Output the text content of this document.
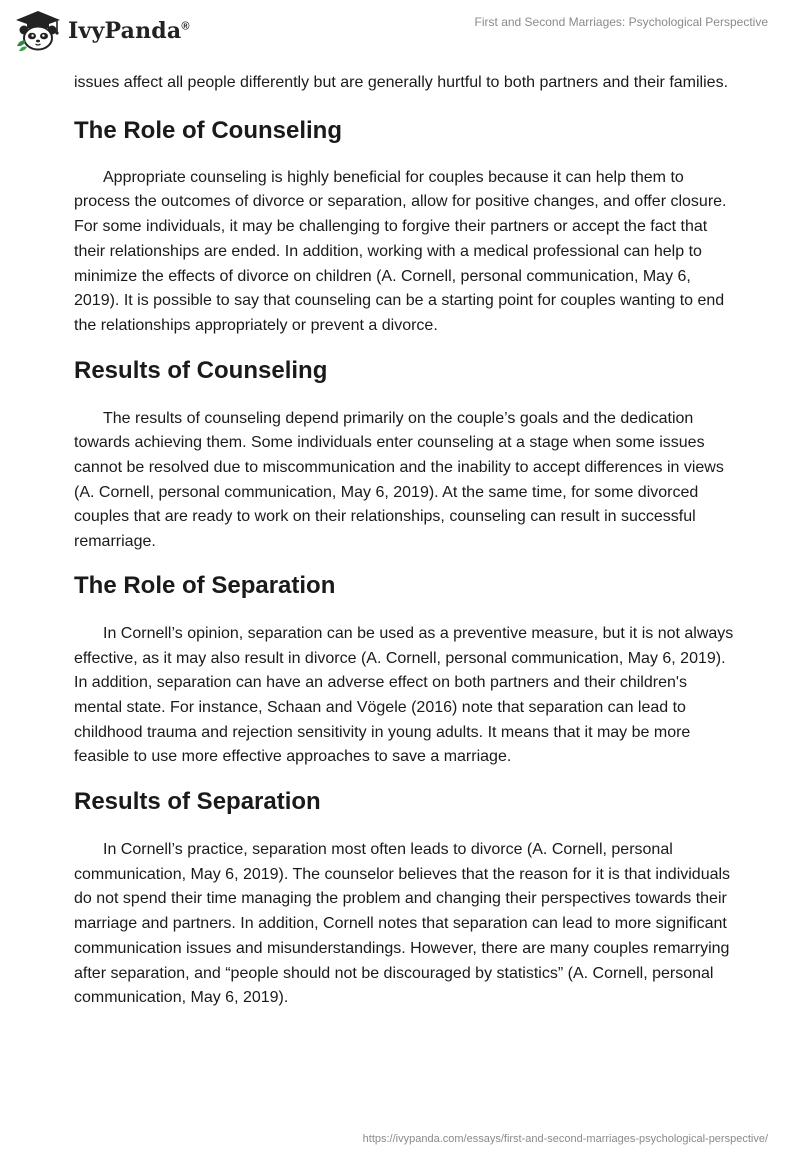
IvyPanda®	First and Second Marriages: Psychological Perspective

issues affect all people differently but are generally hurtful to both partners and their families.

The Role of Counseling

Appropriate counseling is highly beneficial for couples because it can help them to process the outcomes of divorce or separation, allow for positive changes, and offer closure. For some individuals, it may be challenging to forgive their partners or accept the fact that their relationships are ended. In addition, working with a medical professional can help to minimize the effects of divorce on children (A. Cornell, personal communication, May 6, 2019). It is possible to say that counseling can be a starting point for couples wanting to end the relationships appropriately or prevent a divorce.

Results of Counseling

The results of counseling depend primarily on the couple’s goals and the dedication towards achieving them. Some individuals enter counseling at a stage when some issues cannot be resolved due to miscommunication and the inability to accept differences in views (A. Cornell, personal communication, May 6, 2019). At the same time, for some divorced couples that are ready to work on their relationships, counseling can result in successful remarriage.

The Role of Separation

In Cornell’s opinion, separation can be used as a preventive measure, but it is not always effective, as it may also result in divorce (A. Cornell, personal communication, May 6, 2019). In addition, separation can have an adverse effect on both partners and their children's mental state. For instance, Schaan and Vögele (2016) note that separation can lead to childhood trauma and rejection sensitivity in young adults. It means that it may be more feasible to use more effective approaches to save a marriage.

Results of Separation

In Cornell’s practice, separation most often leads to divorce (A. Cornell, personal communication, May 6, 2019). The counselor believes that the reason for it is that individuals do not spend their time managing the problem and changing their perspectives towards their marriage and partners. In addition, Cornell notes that separation can lead to more significant communication issues and misunderstandings. However, there are many couples remarrying after separation, and “people should not be discouraged by statistics” (A. Cornell, personal communication, May 6, 2019).

https://ivypanda.com/essays/first-and-second-marriages-psychological-perspective/
